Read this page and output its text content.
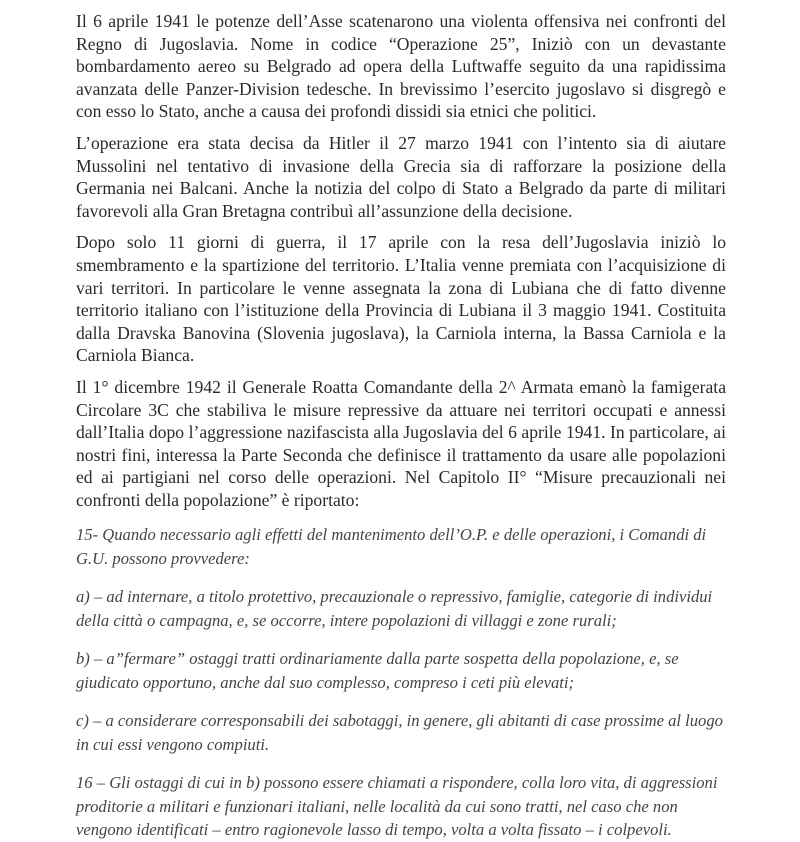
Il 6 aprile 1941 le potenze dell’Asse scatenarono una violenta offensiva nei confronti del Regno di Jugoslavia. Nome in codice “Operazione 25”, Iniziò con un devastante bombardamento aereo su Belgrado ad opera della Luftwaffe seguito da una rapidissima avanzata delle Panzer-Division tedesche. In brevissimo l’esercito jugoslavo si disgregò e con esso lo Stato, anche a causa dei profondi dissidi sia etnici che politici.

L’operazione era stata decisa da Hitler il 27 marzo 1941 con l’intento sia di aiutare Mussolini nel tentativo di invasione della Grecia sia di rafforzare la posizione della Germania nei Balcani. Anche la notizia del colpo di Stato a Belgrado da parte di militari favorevoli alla Gran Bretagna contribuì all’assunzione della decisione.

Dopo solo 11 giorni di guerra, il 17 aprile con la resa dell’Jugoslavia iniziò lo smembramento e la spartizione del territorio. L’Italia venne premiata con l’acquisizione di vari territori. In particolare le venne assegnata la zona di Lubiana che di fatto divenne territorio italiano con l’istituzione della Provincia di Lubiana il 3 maggio 1941. Costituita dalla Dravska Banovina (Slovenia jugoslava), la Carniola interna, la Bassa Carniola e la Carniola Bianca.

Il 1° dicembre 1942 il Generale Roatta Comandante della 2^ Armata emanò la famigerata Circolare 3C che stabiliva le misure repressive da attuare nei territori occupati e annessi dall’Italia dopo l’aggressione nazifascista alla Jugoslavia del 6 aprile 1941. In particolare, ai nostri fini, interessa la Parte Seconda che definisce il trattamento da usare alle popolazioni ed ai partigiani nel corso delle operazioni. Nel Capitolo II° “Misure precauzionali nei confronti della popolazione” è riportato:

15- Quando necessario agli effetti del mantenimento dell’O.P. e delle operazioni, i Comandi di G.U. possono provvedere:

a) – ad internare, a titolo protettivo, precauzionale o repressivo, famiglie, categorie di individui della città o campagna, e, se occorre, intere popolazioni di villaggi e zone rurali;

b) – a”fermare” ostaggi tratti ordinariamente dalla parte sospetta della popolazione, e, se giudicato opportuno, anche dal suo complesso, compreso i ceti più elevati;

c) – a considerare corresponsabili dei sabotaggi, in genere, gli abitanti di case prossime al luogo in cui essi vengono compiuti.

16 – Gli ostaggi di cui in b) possono essere chiamati a rispondere, colla loro vita, di aggressioni proditorie a militari e funzionari italiani, nelle località da cui sono tratti, nel caso che non vengono identificati – entro ragionevole lasso di tempo, volta a volta fissato – i colpevoli.
